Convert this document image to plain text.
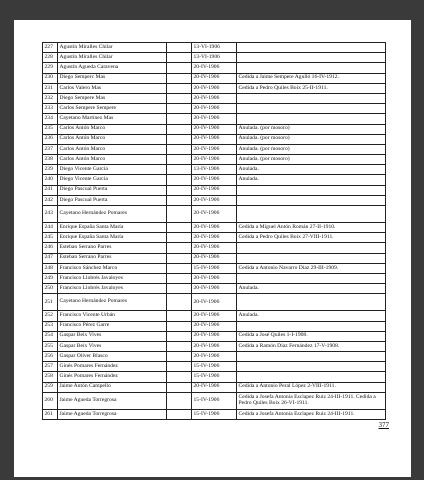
227	Agustín Miralles Chilar		13-VI-1906	
228	Agustín Miralles Chilar		13-VI-1906	
229	Agustín Agueda Caravena		20-IV-1906	
230	Diego Semperc Mas		20-IV-1906	Cedida a Jaime Sempere Agulló 16-IV-1912.
231	Carlos Valero Mas		20-IV-1906	Cedida a Pedro Quiles Boix 25-II-1911.
232	Diego Sempere Mas		20-IV-1906	
233	Carlos Sempere Sempere		20-IV-1906	
234	Cayetano Martínez Mas		20-IV-1906	
235	Carlos Antón Marco		20-IV-1906	Anulada. (por mosoro)
236	Carlos Antón Marco		20-IV-1906	Anulada. (por mosoro)
237	Carlos Antón Marco		20-IV-1906	Anulada. (por mosoro)
238	Carlos Antón Marco		20-IV-1906	Anulada. (por mosoro)
239	Diego Vicente García		13-IV-1906	Anulada.
240	Diego Vicente García		20-IV-1906	Anulada.
241	Diego Pascual Puerta		20-IV-1906	
242	Diego Pascual Puerta		20-IV-1906	
243	Cayetano Hernández Pomares		20-IV-1906	

244	Enrique España Santa María		20-IV-1906	Cedida a Miguel Antón Román 27-II-1910.
245	Enrique España Santa María		20-IV-1906	Cedida a Pedro Quiles Boix 27-VIII-1911.
246	Esteban Serrano Parres		20-IV-1906	
247	Esteban Serrano Parres		20-IV-1906	
248	Francisco Sánchez Marco		15-IV-1906	Cedida a Antonio Navarro Díaz 29-III-1909.
249	Francisco Llobrés Javaloyes		20-IV-1906	
250	Francisco Llobrés Javaloyes		20-IV-1906	Anulada.
251	Cayetano Hernández Pomares		20-IV-1906	

252	Francisco Vicente Urbán		20-IV-1906	Anulada.
253	Francisco Pérez Garre		20-IV-1906	
254	Gaspar Beix Vives		20-IV-1906	Cedida a José Quiles 1-I-1908.
255	Gaspar Beix Vives		20-IV-1906	Cedida a Ramón Díaz Fernández 17-V-1908.
256	Gaspar Oliver Blasco		20-IV-1906	
257	Ginés Pomares Fernández		15-IV-1906	
258	Ginés Pomares Fernández		15-IV-1906	
259	Jaime Antón Campello		20-IV-1906	Cedida a Antonio Peral López 2-VIII-1911.
260	Jaime Agueda Torregrosa		15-IV-1906	Cedida a Josefa Antonia Esclapez Ruiz 24-III-1911. Cedida a Pedro Quiles Boix 26-VI-1911.

261	Jaime Agueda Torregrosa		15-IV-1906	Cedida a Josefa Antonia Esclapez Ruiz 24-III-1911.
377
